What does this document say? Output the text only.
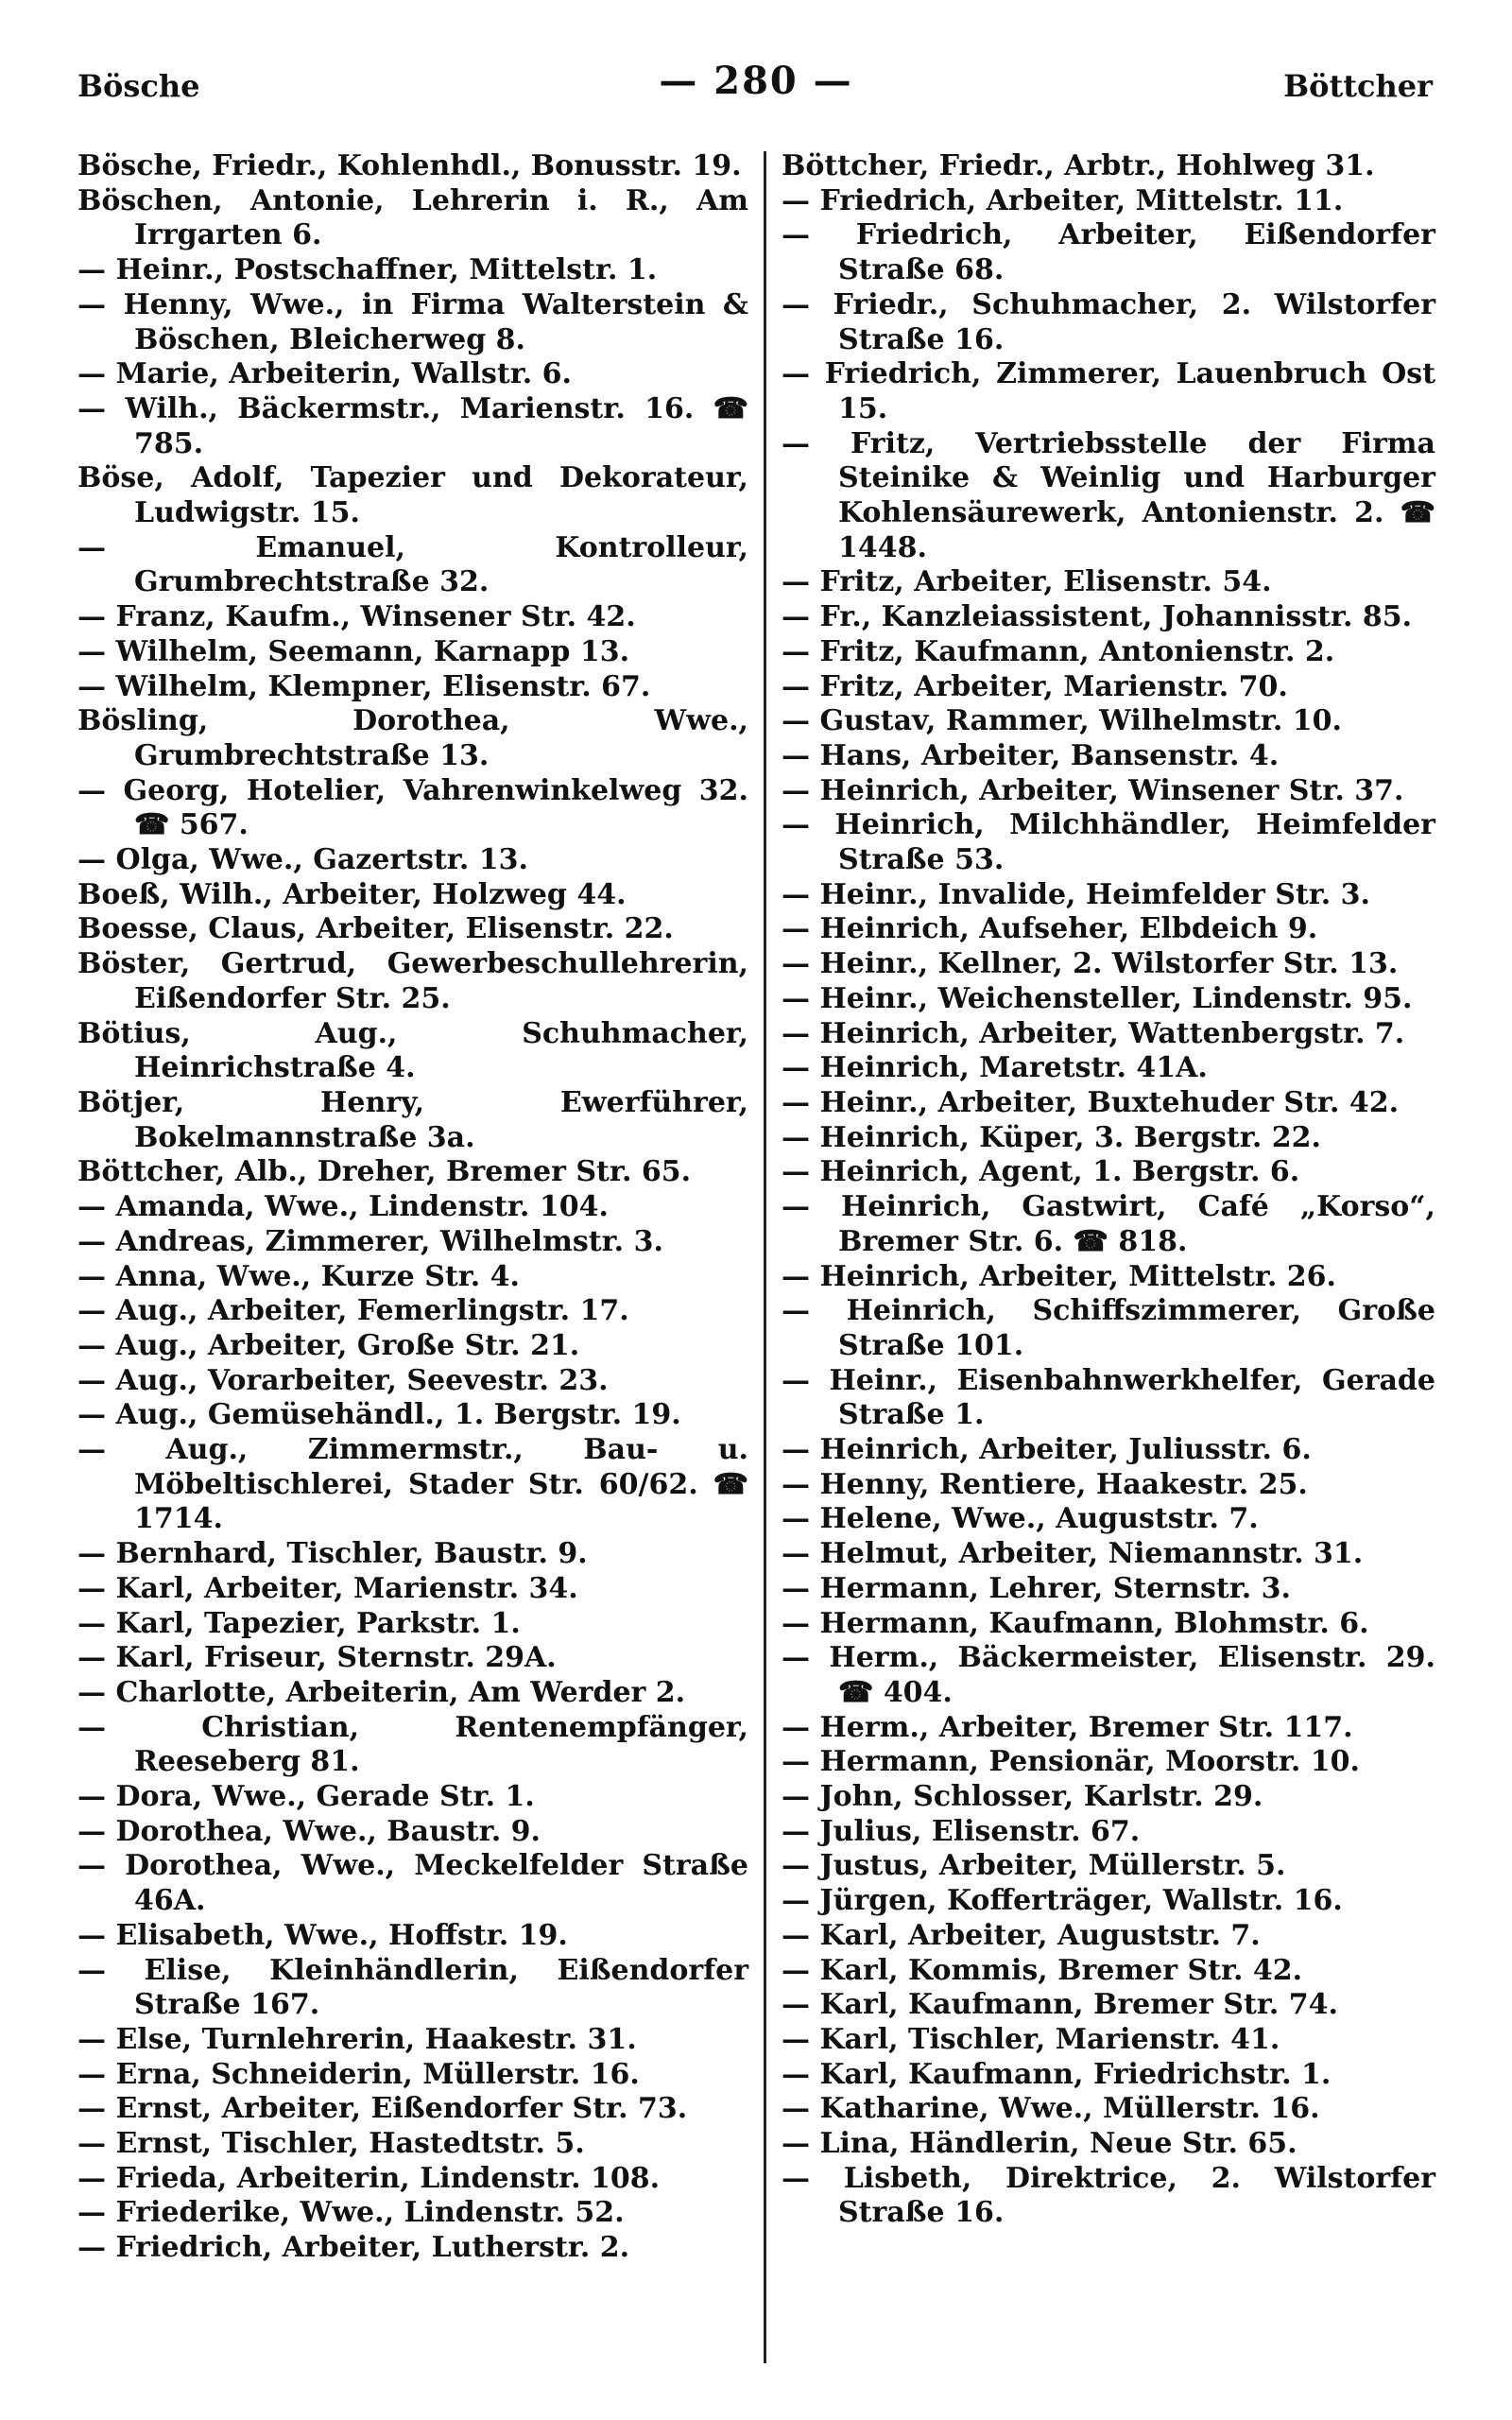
Bösche	— 280 —	Böttcher

Bösche, Friedr., Kohlenhdl., Bonusstr. 19.

Böschen, Antonie, Lehrerin i. R., Am Irrgarten 6.

— Heinr., Postschaffner, Mittelstr. 1.

— Henny, Wwe., in Firma Walterstein & Böschen, Bleicherweg 8.

— Marie, Arbeiterin, Wallstr. 6.

— Wilh., Bäckermstr., Marienstr. 16. ☎ 785.

Böse, Adolf, Tapezier und Dekorateur, Ludwigstr. 15.

— Emanuel, Kontrolleur, Grumbrechtstraße 32.

— Franz, Kaufm., Winsener Str. 42.

— Wilhelm, Seemann, Karnapp 13.

— Wilhelm, Klempner, Elisenstr. 67.

Bösling, Dorothea, Wwe., Grumbrechtstraße 13.

— Georg, Hotelier, Vahrenwinkelweg 32. ☎ 567.

— Olga, Wwe., Gazertstr. 13.

Boeß, Wilh., Arbeiter, Holzweg 44.

Boesse, Claus, Arbeiter, Elisenstr. 22.

Böster, Gertrud, Gewerbeschullehrerin, Eißendorfer Str. 25.

Bötius, Aug., Schuhmacher, Heinrichstraße 4.

Bötjer, Henry, Ewerführer, Bokelmannstraße 3a.

Böttcher, Alb., Dreher, Bremer Str. 65.

— Amanda, Wwe., Lindenstr. 104.

— Andreas, Zimmerer, Wilhelmstr. 3.

— Anna, Wwe., Kurze Str. 4.

— Aug., Arbeiter, Femerlingstr. 17.

— Aug., Arbeiter, Große Str. 21.

— Aug., Vorarbeiter, Seevestr. 23.

— Aug., Gemüsehändl., 1. Bergstr. 19.

— Aug., Zimmermstr., Bau- u. Möbeltischlerei, Stader Str. 60/62. ☎ 1714.

— Bernhard, Tischler, Baustr. 9.

— Karl, Arbeiter, Marienstr. 34.

— Karl, Tapezier, Parkstr. 1.

— Karl, Friseur, Sternstr. 29A.

— Charlotte, Arbeiterin, Am Werder 2.

— Christian, Rentenempfänger, Reeseberg 81.

— Dora, Wwe., Gerade Str. 1.

— Dorothea, Wwe., Baustr. 9.

— Dorothea, Wwe., Meckelfelder Straße 46A.

— Elisabeth, Wwe., Hoffstr. 19.

— Elise, Kleinhändlerin, Eißendorfer Straße 167.

— Else, Turnlehrerin, Haakestr. 31.

— Erna, Schneiderin, Müllerstr. 16.

— Ernst, Arbeiter, Eißendorfer Str. 73.

— Ernst, Tischler, Hastedtstr. 5.

— Frieda, Arbeiterin, Lindenstr. 108.

— Friederike, Wwe., Lindenstr. 52.

— Friedrich, Arbeiter, Lutherstr. 2.

Böttcher, Friedr., Arbtr., Hohlweg 31.

— Friedrich, Arbeiter, Mittelstr. 11.

— Friedrich, Arbeiter, Eißendorfer Straße 68.

— Friedr., Schuhmacher, 2. Wilstorfer Straße 16.

— Friedrich, Zimmerer, Lauenbruch Ost 15.

— Fritz, Vertriebsstelle der Firma Steinike & Weinlig und Harburger Kohlensäurewerk, Antonienstr. 2. ☎ 1448.

— Fritz, Arbeiter, Elisenstr. 54.

— Fr., Kanzleiassistent, Johannisstr. 85.

— Fritz, Kaufmann, Antonienstr. 2.

— Fritz, Arbeiter, Marienstr. 70.

— Gustav, Rammer, Wilhelmstr. 10.

— Hans, Arbeiter, Bansenstr. 4.

— Heinrich, Arbeiter, Winsener Str. 37.

— Heinrich, Milchhändler, Heimfelder Straße 53.

— Heinr., Invalide, Heimfelder Str. 3.

— Heinrich, Aufseher, Elbdeich 9.

— Heinr., Kellner, 2. Wilstorfer Str. 13.

— Heinr., Weichensteller, Lindenstr. 95.

— Heinrich, Arbeiter, Wattenbergstr. 7.

— Heinrich, Maretstr. 41A.

— Heinr., Arbeiter, Buxtehuder Str. 42.

— Heinrich, Küper, 3. Bergstr. 22.

— Heinrich, Agent, 1. Bergstr. 6.

— Heinrich, Gastwirt, Café „Korso“, Bremer Str. 6. ☎ 818.

— Heinrich, Arbeiter, Mittelstr. 26.

— Heinrich, Schiffszimmerer, Große Straße 101.

— Heinr., Eisenbahnwerkhelfer, Gerade Straße 1.

— Heinrich, Arbeiter, Juliusstr. 6.

— Henny, Rentiere, Haakestr. 25.

— Helene, Wwe., Auguststr. 7.

— Helmut, Arbeiter, Niemannstr. 31.

— Hermann, Lehrer, Sternstr. 3.

— Hermann, Kaufmann, Blohmstr. 6.

— Herm., Bäckermeister, Elisenstr. 29. ☎ 404.

— Herm., Arbeiter, Bremer Str. 117.

— Hermann, Pensionär, Moorstr. 10.

— John, Schlosser, Karlstr. 29.

— Julius, Elisenstr. 67.

— Justus, Arbeiter, Müllerstr. 5.

— Jürgen, Kofferträger, Wallstr. 16.

— Karl, Arbeiter, Auguststr. 7.

— Karl, Kommis, Bremer Str. 42.

— Karl, Kaufmann, Bremer Str. 74.

— Karl, Tischler, Marienstr. 41.

— Karl, Kaufmann, Friedrichstr. 1.

— Katharine, Wwe., Müllerstr. 16.

— Lina, Händlerin, Neue Str. 65.

— Lisbeth, Direktrice, 2. Wilstorfer Straße 16.
